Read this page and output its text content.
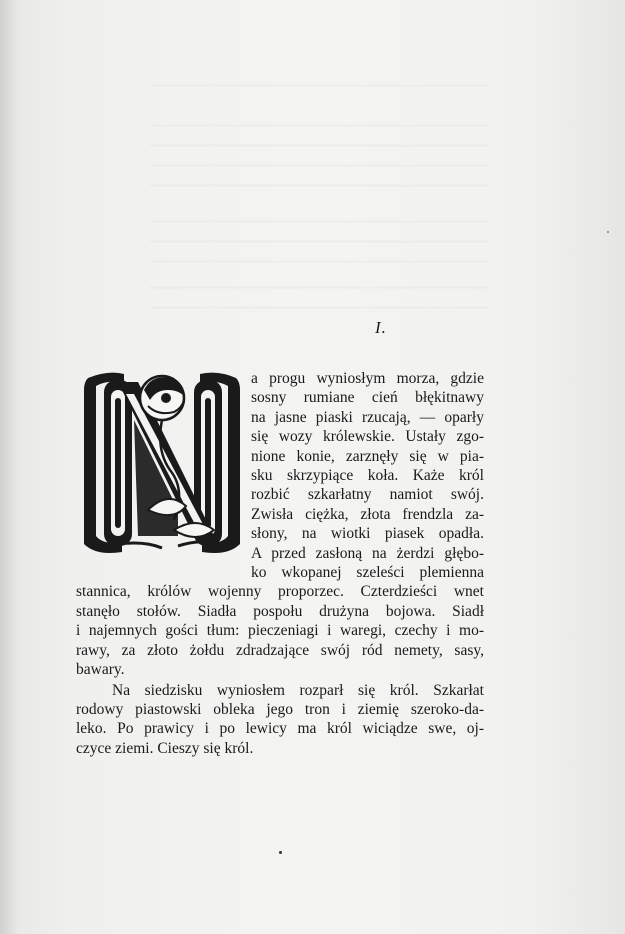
~~~~~~~~~~~~~~~~~~~~~~~~~~~~~~~~~~~~~~~~~~~~~
~~~~~~~~~~~~~~~~~~~~~~~~~~~~~~~~~~~~~~~~~~~~~
~~~~~~~~~~~~~~~~~~~~~~~~~~~~~~~~~~~~~~~~~~~~~
~~~~~~~~~~~~~~~~~~~~~~~~~~~~~~~~~~~~~~~~~~~~~
~~~~~~~~~~~~~~~~~~~~~~~~~~~~~~~~~~~~~~~~~~~~~
~~~~~~~~~~~~~~~~~~~~~~~~~~~~~~~~~~~~~~~~~~~~~
~~~~~~~~~~~~~~~~~~~~~~~~~~~~~~~~~~~~~~~~~~~~~
~~~~~~~~~~~~~~~~~~~~~~~~~~~~~~~~~~~~~~~~~~~~~
~~~~~~~~~~~~~~~~~~~~~~~~~~~~~~~~~~~~~~~~~~~~~
~~~~~~~~~~~~~~~~~~~~~~~~~~~~~~~~~~~~~~~~~~~~~
I.
a progu wyniosłym morza, gdzie
sosny rumiane cień błękitnawy
na jasne piaski rzucają, — oparły
się wozy królewskie. Ustały zgo-
nione konie, zarznęły się w pia-
sku skrzypiące koła. Każe król
rozbić szkarłatny namiot swój.
Zwisła ciężka, złota frendzla za-
słony, na wiotki piasek opadła.
A przed zasłoną na żerdzi głębo-
ko wkopanej szeleści plemienna
stannica, królów wojenny proporzec. Czterdzieści wnet
stanęło stołów. Siadła pospołu drużyna bojowa. Siadł
i najemnych gości tłum: pieczeniagi i waregi, czechy i mo-
rawy, za złoto żołdu zdradzające swój ród nemety, sasy,
bawary.
Na siedzisku wyniosłem rozparł się król. Szkarłat
rodowy piastowski obleka jego tron i ziemię szeroko-da-
leko. Po prawicy i po lewicy ma król wiciądze swe, oj-
czyce ziemi. Cieszy się król.
